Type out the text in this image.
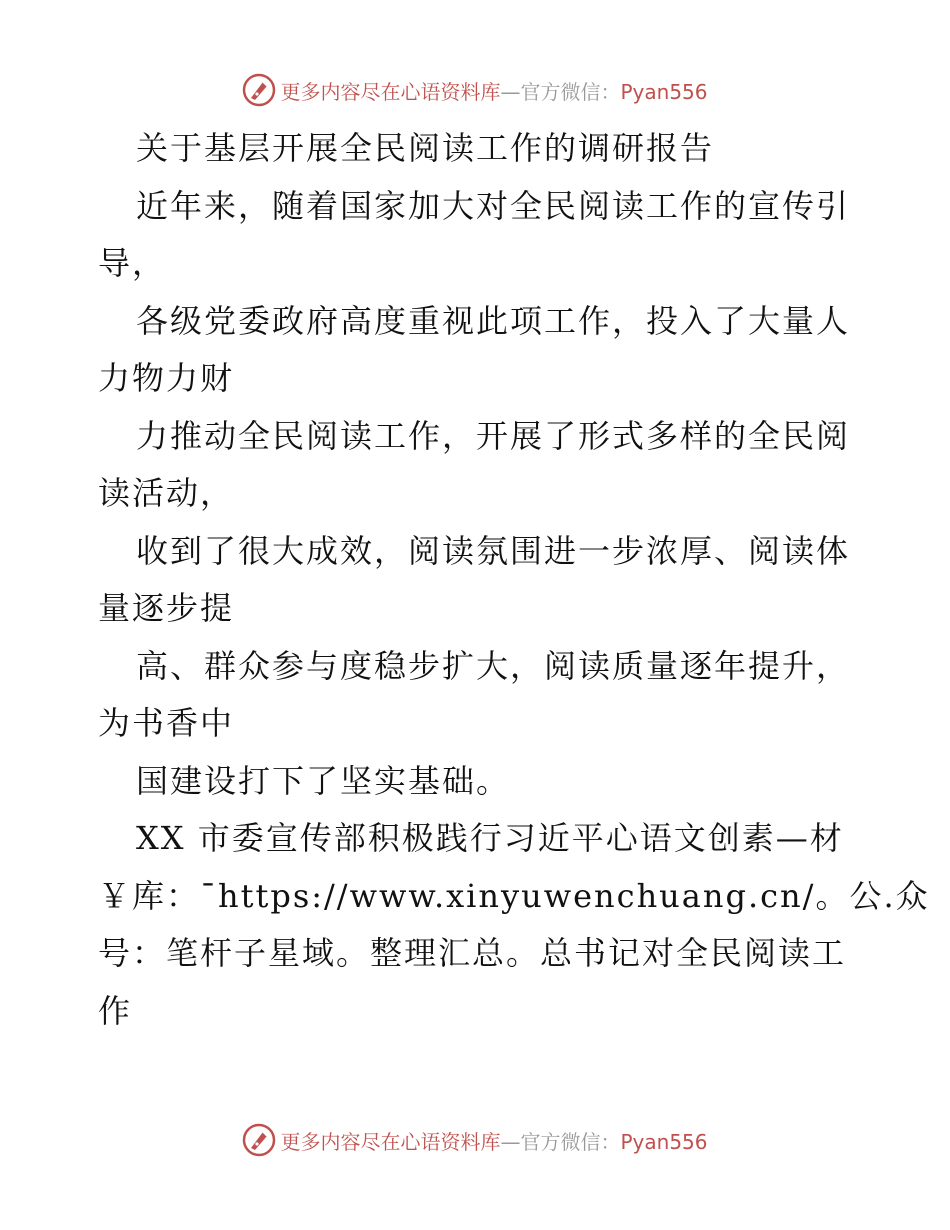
更多内容尽在心语资料库—官方微信：Pyan556
关于基层开展全民阅读工作的调研报告
近年来，随着国家加大对全民阅读工作的宣传引
导，
各级党委政府高度重视此项工作，投入了大量人
力物力财
力推动全民阅读工作，开展了形式多样的全民阅
读活动，
收到了很大成效，阅读氛围进一步浓厚、阅读体
量逐步提
高、群众参与度稳步扩大，阅读质量逐年提升，
为书香中
国建设打下了坚实基础。
XX 市委宣传部积极践行习近平心语文创素—材
￥库：¯https://www.xinyuwenchuang.cn/。公.众
号：笔杆子星域。整理汇总。总书记对全民阅读工
作
更多内容尽在心语资料库—官方微信：Pyan556
